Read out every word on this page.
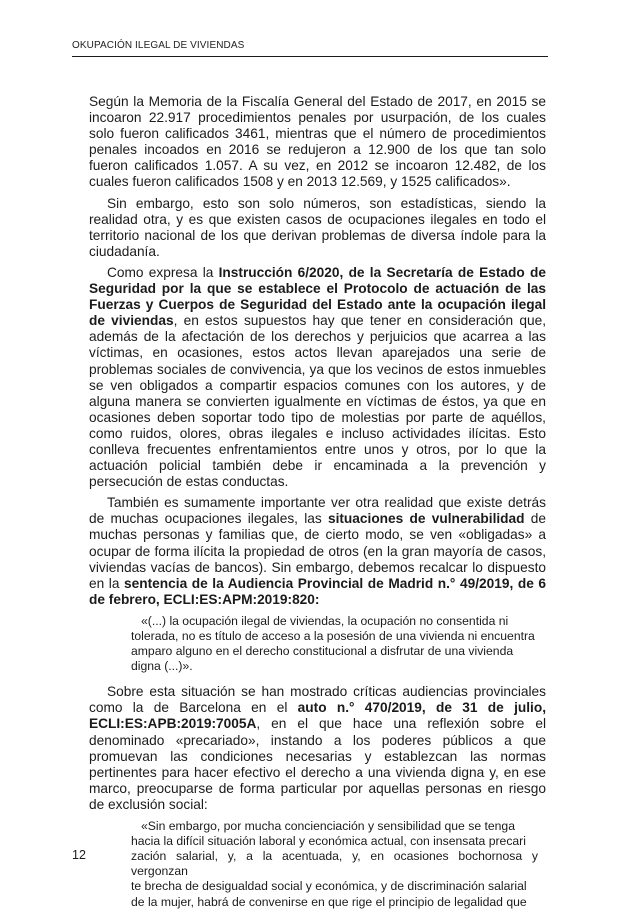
OKUPACIÓN ILEGAL DE VIVIENDAS

Según la Memoria de la Fiscalía General del Estado de 2017, en 2015 se incoaron 22.917 procedimientos penales por usurpación, de los cuales solo fueron calificados 3461, mientras que el número de procedimientos penales incoados en 2016 se redujeron a 12.900 de los que tan solo fueron calificados 1.057. A su vez, en 2012 se incoaron 12.482, de los cuales fueron calificados 1508 y en 2013 12.569, y 1525 calificados».

Sin embargo, esto son solo números, son estadísticas, siendo la realidad otra, y es que existen casos de ocupaciones ilegales en todo el territorio nacional de los que derivan problemas de diversa índole para la ciudadanía.

Como expresa la Instrucción 6/2020, de la Secretaría de Estado de Seguridad por la que se establece el Protocolo de actuación de las Fuerzas y Cuerpos de Seguridad del Estado ante la ocupación ilegal de viviendas, en estos supuestos hay que tener en consideración que, además de la afectación de los derechos y perjuicios que acarrea a las víctimas, en ocasiones, estos actos llevan aparejados una serie de problemas sociales de convivencia, ya que los vecinos de estos inmuebles se ven obligados a compartir espacios comunes con los autores, y de alguna manera se convierten igualmente en víctimas de éstos, ya que en ocasiones deben soportar todo tipo de molestias por parte de aquéllos, como ruidos, olores, obras ilegales e incluso actividades ilícitas. Esto conlleva frecuentes enfrentamientos entre unos y otros, por lo que la actuación policial también debe ir encaminada a la prevención y persecución de estas conductas.

También es sumamente importante ver otra realidad que existe detrás de muchas ocupaciones ilegales, las situaciones de vulnerabilidad de muchas personas y familias que, de cierto modo, se ven «obligadas» a ocupar de forma ilícita la propiedad de otros (en la gran mayoría de casos, viviendas vacías de bancos). Sin embargo, debemos recalcar lo dispuesto en la sentencia de la Audiencia Provincial de Madrid n.° 49/2019, de 6 de febrero, ECLI:ES:APM:2019:820:

«(...) la ocupación ilegal de viviendas, la ocupación no consentida ni
tolerada, no es título de acceso a la posesión de una vivienda ni encuentra
amparo alguno en el derecho constitucional a disfrutar de una vivienda
digna (...)».

Sobre esta situación se han mostrado críticas audiencias provinciales como la de Barcelona en el auto n.° 470/2019, de 31 de julio, ECLI:ES:APB:2019:7005A, en el que hace una reflexión sobre el denominado «precariado», instando a los poderes públicos a que promuevan las condiciones necesarias y establezcan las normas pertinentes para hacer efectivo el derecho a una vivienda digna y, en ese marco, preocuparse de forma particular por aquellas personas en riesgo de exclusión social:

«Sin embargo, por mucha concienciación y sensibilidad que se tenga
hacia la difícil situación laboral y económica actual, con insensata precari
zación salarial, y, a la acentuada, y, en ocasiones bochornosa y vergonzan
te brecha de desigualdad social y económica, y de discriminación salarial
de la mujer, habrá de convenirse en que rige el principio de legalidad que
12
